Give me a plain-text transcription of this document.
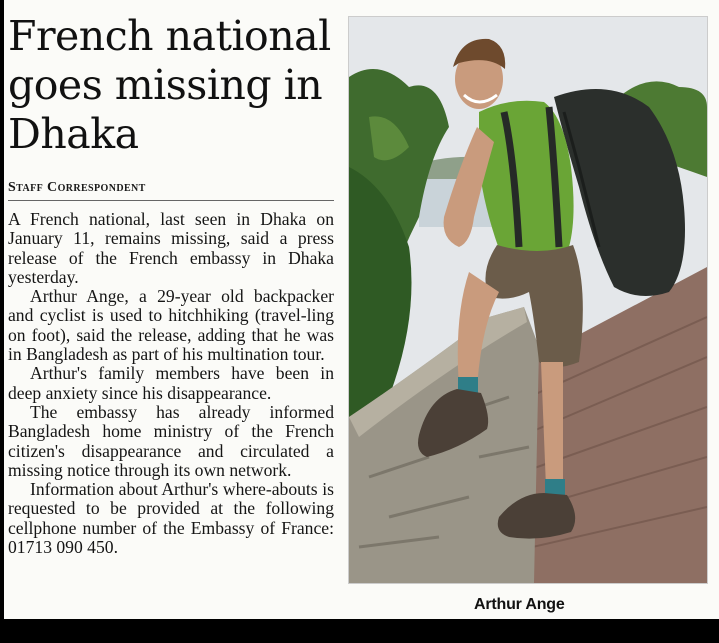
French national goes missing in Dhaka
Staff Correspondent

A French national, last seen in Dhaka on January 11, remains missing, said a press release of the French embassy in Dhaka yesterday.

Arthur Ange, a 29-year old backpacker and cyclist is used to hitchhiking (travel-ling on foot), said the release, adding that he was in Bangladesh as part of his multination tour.

Arthur's family members have been in deep anxiety since his disappearance.

The embassy has already informed Bangladesh home ministry of the French citizen's disappearance and circulated a missing notice through its own network.

Information about Arthur's where-abouts is requested to be provided at the following cellphone number of the Embassy of France: 01713 090 450.

Arthur Ange
